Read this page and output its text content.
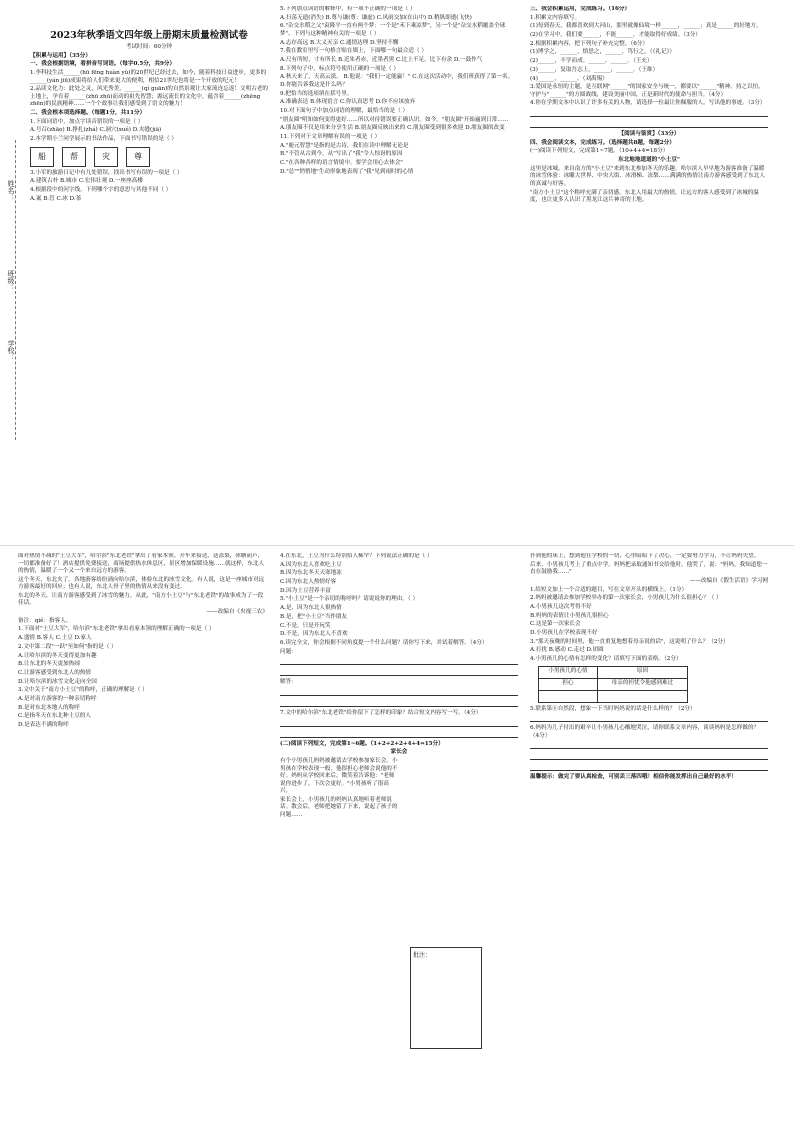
姓名：
班级：
学校：

2023年秋季语文四年级上册期末质量检测试卷

考试时间：60分钟

【积累与运用】（35分）

一、我会根据语境，看拼音写词语。（每字0.5分，共9分）

1.李科技生活______(hū fēng huàn yǔ)的20世纪已经过去，如今，随着科技日益进步，更多的______(yán jiū)成果将给人们带来更大的便利，相信21世纪也将是一个开放的纪元！

2.品读文化力：此处之灵，风光秀美，______(qí guān)的自然景观让大家流连忘返！文明古老的土地上，孕育着______(zhū zhū)而动的祖先智慧；源远流长的文化中，蕴含着______(zhēng zhēn)的民族精神……一个个故事让我们感受到了语文的魅力！

二、我会根本项选择题。（每题1分，共11分）

1.下面词语中，加点字读音错误的一项是（ ）

A.号召(zhāo) B.挣扎(zhá) C.洞穴(xué) D.夹缝(jiā)

2.本学期小兰同学展示的书法作品，下面书写错误的是（ ）

船	帮	灾	尊

3.小军的旅游日记中有几处错误，找出书写有误的一项是（ ）

A.建筑古朴 B.城市 C.宏伟壮观 D.一座座高楼

4.根据段中的问字线，下列哪个字的意思与其他不同（ ）

A.案 B.管 C.冰 D.茶

5.下列加点词语的解释中，有一项不正确的一项是（ ）

A.扫荡无遗(消失) B.尊与谦(尊：谦虚) C.风雨交加(在山中) D.稍纵即逝(飞快)

6."杂交水稻之父"袁隆平一直有两个梦：一个是"禾下乘凉梦"，另一个是"杂交水稻覆盖全球梦"。下列与这种精神有关的一项是（ ）

A.志存高远 B.大义灭亲 C.通情达理 D.坚持不懈

7.我在教室里写一句格言贴在墙上，下面哪一句最合适（ ）

A.尺有所短，寸有所长 B.近朱者赤，近墨者黑 C.比上不足，比下有余 D.一鼓作气

8.下列句子中，标点符号使用正确的一项是（ ）

A.秋天来了，天高云淡。 B.他说："我们一定能赢！" C.在这次活动中，我们班获得了第一名。 D.你能告诉我这是什么吗？

9.把恰当的选项填在括号里。

A.准确表达 B.体现语言 C.你认真思考 D.你不应该放弃

10.对下面句子中加点词语的理解，最恰当的是（ ）

"朋友圈"明知如何变得更好……所以对待错误要正确认识。如今，"朋友圈"开始遍到日常……

A.朋友圈不仅是用来分享生活 B.朋友圈反映出来的 C.朋友圈受到很多欢迎 D.朋友圈的改变

11.下列对于文章理解有误的一项是（ ）

A."鹿元智慧"是指的是古诗，我们在读中理解无论是

B."不管从古到今，从"写出了"我"令人惊讶的原因

C."在各种各样的语言情境中，要学会用心去体会"

D."总""悄悄地"生动形象地表现了"我"见到雨时的心情

三、我会积累运用，完成练习。（16分）

1.积累文内容填写。

(1)每到春天，我都喜欢到大河山，那里就像仙境一样______，______；真是______的好地方。

(2)在学习中，我们要______，不能______，才能取得好成绩。（3分）

2.根据积累内容，把下列句子补充完整。（6分）

(1)博学之，______，慎思之，______，笃行之。（《礼记》）

(2)______，不学而成。______，______。（王充）

(3)______，复取吾志上。______，______。（王维）

(4)______，______。（刘禹锡）

3.爱国是永恒的主题，是互联网"______"的国家安全与统一，都要以"______"精神，持之以恒，守护与"______"的方圆战线，建设美丽中国，正是新时代的使命与担当。（4分）

4.你在学期文本中认识了许多有关的人物，请选择一位最让你佩服的人，写出他的事迹。（3分）

【阅读与鉴赏】（33分）

四、我会阅读文本，完成练习。（选择题共8题，每题2分）

(一)阅读下列短文，完成第1~7题。（10+4+4=18分）

东北地地道道的"小土豆"

这里是冰城，来自南方的"小土豆"来到东北参加冬天的乐趣。哈尔滨人早早地为游客准备了温暖的冰雪体验：冰雕大世界、中央大街、冰滑梯、冻梨……满满的热情让南方游客感受到了东北人的真诚与好客。

"南方小土豆"这个称呼充满了亲切感。东北人用最大的热情，让远方的客人感受到了冰城的温度，也让更多人认识了黑龙江这片神奇的土地。

面对热情不减的"土豆大军"，哈尔滨"东北老铁"拿出了看家本领。开车来接送，送冻梨，冰糖葫芦，一切都准备好了！酒店提供免费接送，商场提供热水休息区，景区增加保暖设施……就这样，东北人的热情，温暖了一个又一个来自远方的游客。

这个冬天，东北火了。各地游客纷纷涌向哈尔滨，体验东北的冰雪文化。有人说，这是一座城市对远方游客最好的回应；也有人说，东北人骨子里的热情从来没有变过。

东北的冬天，让南方游客感受到了冰雪的魅力。从此，"南方小土豆"与"东北老铁"的故事成为了一段佳话。

——改编自《央视三农》

备注：qiě：指客人。

1.下面对"土豆大军"，哈尔滨"东北老铁"拿出看家本领的理解正确的一项是（ ）

A.盛情 B.客人 C.土豆 D.家人

2.文中第二段"一跃"至如何"指的是（ ）

A.让哈尔滨的冬天变得更加有趣

B.让东北的冬天更加热闹

C.让游客感受到东北人的热情

D.让哈尔滨的冰雪文化走向全国

3.文中关于"南方小土豆"的称呼，正确的理解是（ ）

A.是对南方游客的一种亲切称呼

B.是对东北本地人的称呼

C.是指冬天在东北种土豆的人

D.是表达不满的称呼

4.在东北，土豆为什么特别招人稀罕？下列说法正确的是（ ）

A.因为东北人喜欢吃土豆

B.因为东北冬天天寒地冻

C.因为东北人热情好客

D.因为土豆营养丰富

5."小土豆"是一个亲切的称呼吗？请说说你的理由。（ ）

A.是，因为东北人很热情

B.是，把"小土豆"当作朋友

C.不是，只是开玩笑

D.不是，因为东北人不喜欢

6.读完全文，你会根据不同角度提一个什么问题？请你写下来，并试着解答。（4分）

问题：

解答：

7.文中的哈尔滨"东北老铁"给你留下了怎样的印象？结合短文内容写一写。（4分）

(二)阅读下列短文，完成第1~6题。（1+2+2+2+4+4=15分）

家长会

有个小男孩儿妈妈被邀请去学校参加家长会。小男孩在学校表现一般，他很担心老师会说他的不好。妈妈从学校回来后，微笑着告诉他："老师说你进步了，下次会更好。"小男孩听了很高兴。

家长会上，小男孩儿的妈妈认真地听着老师说话。散会后，老师把她留了下来，说起了孩子的问题……

批注：

扑到他的床上，想到他在学校的一切，心里暗暗下了决心，一定要努力学习，不让妈妈失望。

后来，小男孩儿考上了重点中学。妈妈把录取通知书交给他时，他哭了，说："妈妈，我知道您一直在鼓励我……"

——改编自《假生活语》学习网

1.给短文加上一个合适的题目，写在文章开头的横线上。（1分）

2.妈妈被邀请去参加学校举办的第一次家长会，小男孩儿为什么很担心？（ ）

A.小男孩儿这次考得不好

B.妈妈的表情让小男孩儿很担心

C.这是第一次家长会

D.小男孩儿在学校表现不好

3."那天夜晚的时间里，他一直重复地想着母亲说的话"，这说明了什么？（2分）

A.打扰 B.感动 C.走过 D.团圆

4.小男孩儿的心情有怎样的变化？请填写下面的表格。（2分）

小男孩儿的心情	原因
担心	母亲的担忧令他感到难过

5.联系第⑥自然段，想象一下当时妈妈说的话是什么样的？（2分）

6.妈妈为儿子付出的艰辛让小男孩儿心酸地哭泣，请你联系文章内容，谈谈妈妈是怎样做的？（4分）

温馨提示：做完了要认真检查，可别丢三落四哦！相信你能发挥出自己最好的水平！
